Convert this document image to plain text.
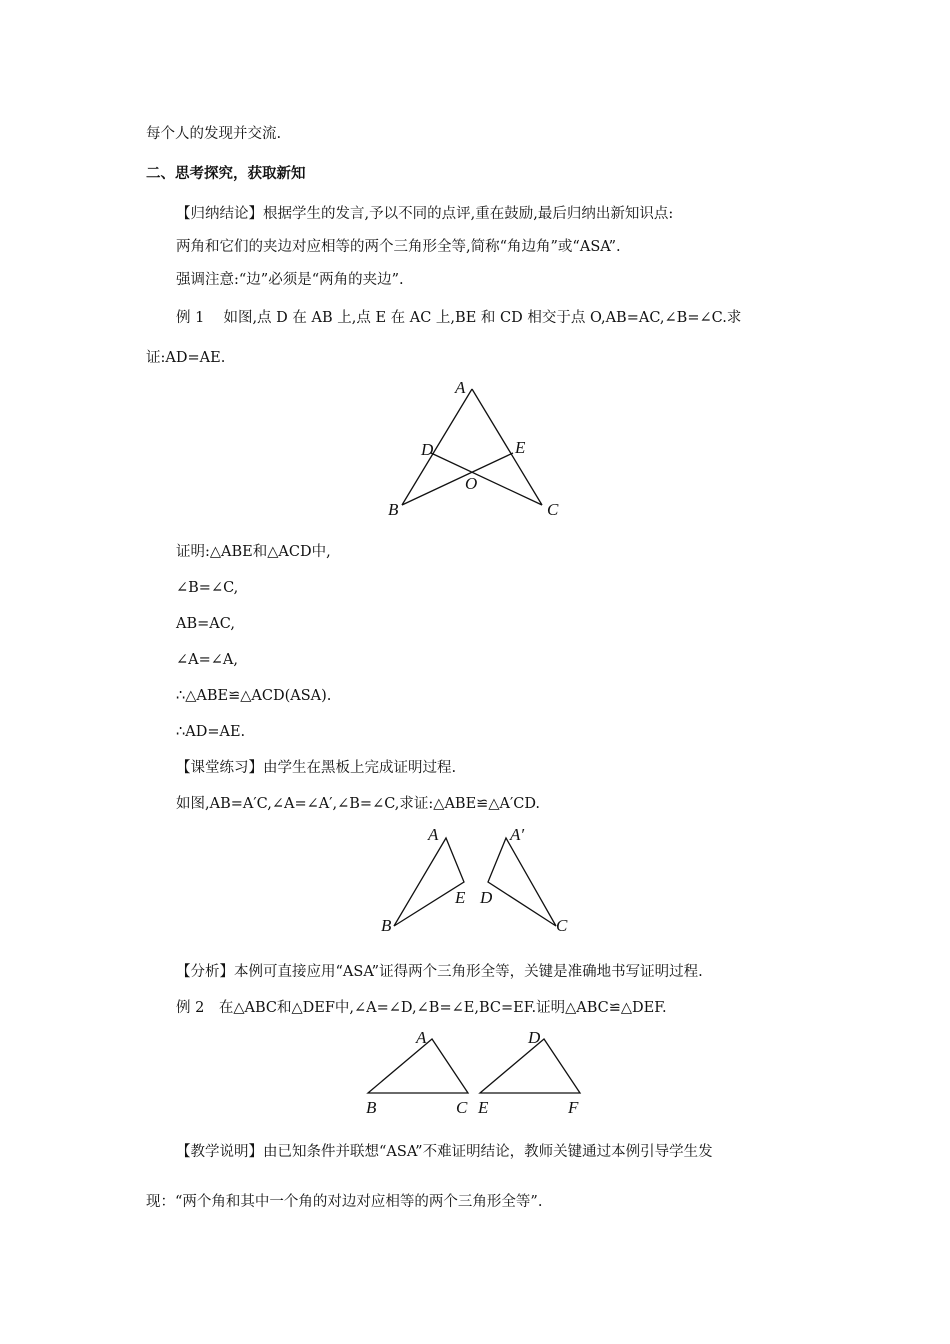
每个人的发现并交流.
二、思考探究，获取新知
【归纳结论】根据学生的发言,予以不同的点评,重在鼓励,最后归纳出新知识点:
两角和它们的夹边对应相等的两个三角形全等,简称“角边角”或“ASA”.
强调注意:“边”必须是“两角的夹边”.
例 1　 如图,点 D 在 AB 上,点 E 在 AC 上,BE 和 CD 相交于点 O,AB=AC,∠B=∠C.求
证:AD=AE.
A
B	C
D	E
O
证明:△ABE和△ACD中,
∠B=∠C,
AB=AC,
∠A=∠A,
∴△ABE≌△ACD(ASA).
∴AD=AE.
【课堂练习】由学生在黑板上完成证明过程.
如图,AB=A′C,∠A=∠A′,∠B=∠C,求证:△ABE≌△A′CD.
A
B
E
A′
D
C
【分析】本例可直接应用“ASA”证得两个三角形全等，关键是准确地书写证明过程.
例 2　在△ABC和△DEF中,∠A=∠D,∠B=∠E,BC=EF.证明△ABC≌△DEF.
A
B	C
D
E	F
【教学说明】由已知条件并联想“ASA”不难证明结论，教师关键通过本例引导学生发
现：“两个角和其中一个角的对边对应相等的两个三角形全等”.
